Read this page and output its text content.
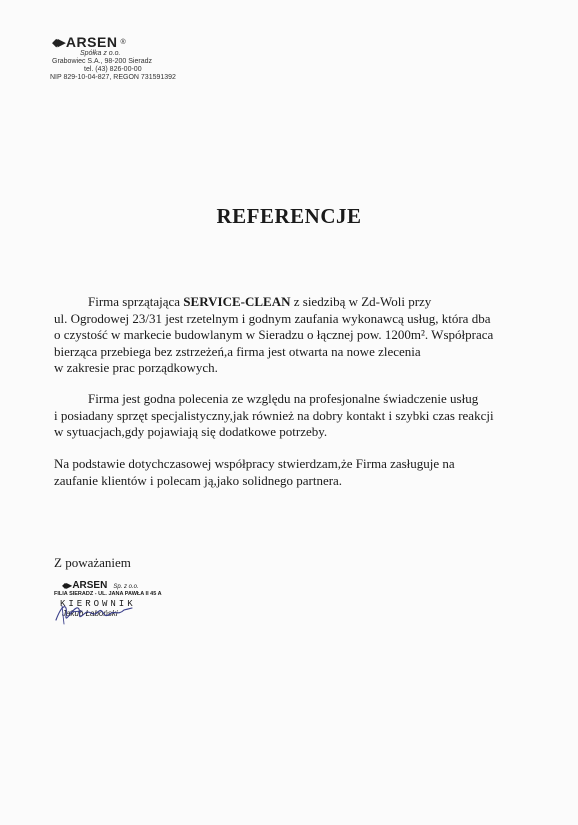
◆▶ ARSEN ®
Spółka z o.o.
Grabowiec S.A., 98-200 Sieradz
tel. (43) 826-00-00
NIP 829-10-04-827, REGON 731591392
REFERENCJE

Firma sprzątająca SERVICE-CLEAN z siedzibą w Zd-Woli przy

ul. Ogrodowej 23/31 jest rzetelnym i godnym zaufania wykonawcą usług, która dba

o czystość w markecie budowlanym w Sieradzu o łącznej pow. 1200m². Współpraca

bierząca przebiega bez zstrzeżeń,a firma jest otwarta na nowe zlecenia

w zakresie prac porządkowych.

Firma jest godna polecenia ze względu na profesjonalne świadczenie usług

i posiadany sprzęt specjalistyczny,jak również na dobry kontakt i szybki czas reakcji

w sytuacjach,gdy pojawiają się dodatkowe potrzeby.

Na podstawie dotychczasowej współpracy stwierdzam,że Firma zasługuje na

zaufanie klientów i polecam ją,jako solidnego partnera.

Z poważaniem
◆▶ ARSEN	Sp. z o.o.
FILIA SIERADZ - UL. JANA PAWŁA II 45 A
KIEROWNIK
Jakub Łaboński
